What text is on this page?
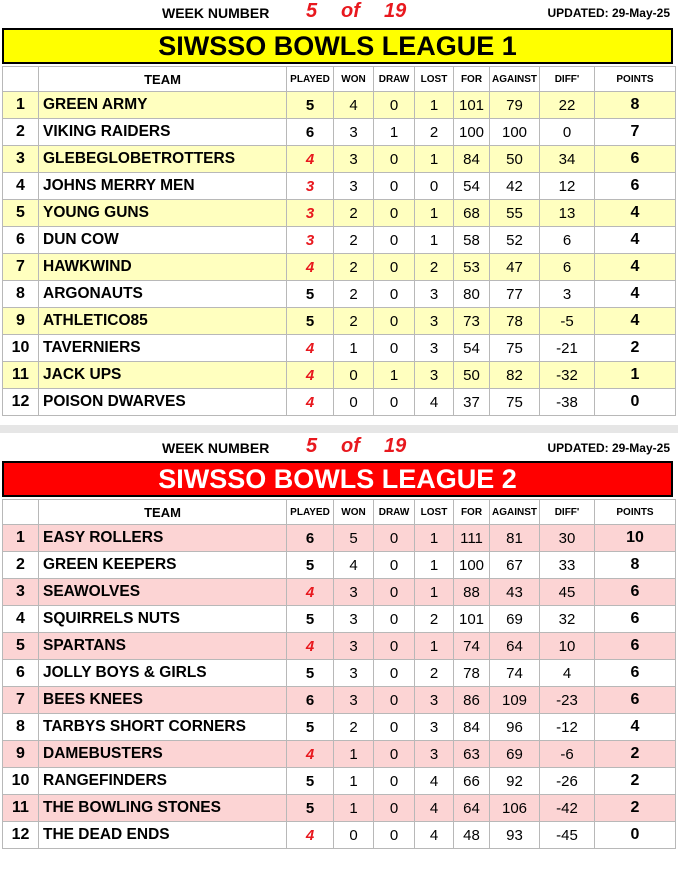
WEEK NUMBER 5 of 19	UPDATED: 29-May-25
SIWSSO BOWLS LEAGUE 1
	TEAM	PLAYED	WON	DRAW	LOST	FOR	AGAINST	DIFF'	POINTS
1	GREEN ARMY	5	4	0	1	101	79	22	8
2	VIKING RAIDERS	6	3	1	2	100	100	0	7
3	GLEBEGLOBETROTTERS	4	3	0	1	84	50	34	6
4	JOHNS MERRY MEN	3	3	0	0	54	42	12	6
5	YOUNG GUNS	3	2	0	1	68	55	13	4
6	DUN COW	3	2	0	1	58	52	6	4
7	HAWKWIND	4	2	0	2	53	47	6	4
8	ARGONAUTS	5	2	0	3	80	77	3	4
9	ATHLETICO85	5	2	0	3	73	78	-5	4
10	TAVERNIERS	4	1	0	3	54	75	-21	2
11	JACK UPS	4	0	1	3	50	82	-32	1
12	POISON DWARVES	4	0	0	4	37	75	-38	0
WEEK NUMBER 5 of 19	UPDATED: 29-May-25
SIWSSO BOWLS LEAGUE 2
	TEAM	PLAYED	WON	DRAW	LOST	FOR	AGAINST	DIFF'	POINTS
1	EASY ROLLERS	6	5	0	1	111	81	30	10
2	GREEN KEEPERS	5	4	0	1	100	67	33	8
3	SEAWOLVES	4	3	0	1	88	43	45	6
4	SQUIRRELS NUTS	5	3	0	2	101	69	32	6
5	SPARTANS	4	3	0	1	74	64	10	6
6	JOLLY BOYS & GIRLS	5	3	0	2	78	74	4	6
7	BEES KNEES	6	3	0	3	86	109	-23	6
8	TARBYS SHORT CORNERS	5	2	0	3	84	96	-12	4
9	DAMEBUSTERS	4	1	0	3	63	69	-6	2
10	RANGEFINDERS	5	1	0	4	66	92	-26	2
11	THE BOWLING STONES	5	1	0	4	64	106	-42	2
12	THE DEAD ENDS	4	0	0	4	48	93	-45	0
